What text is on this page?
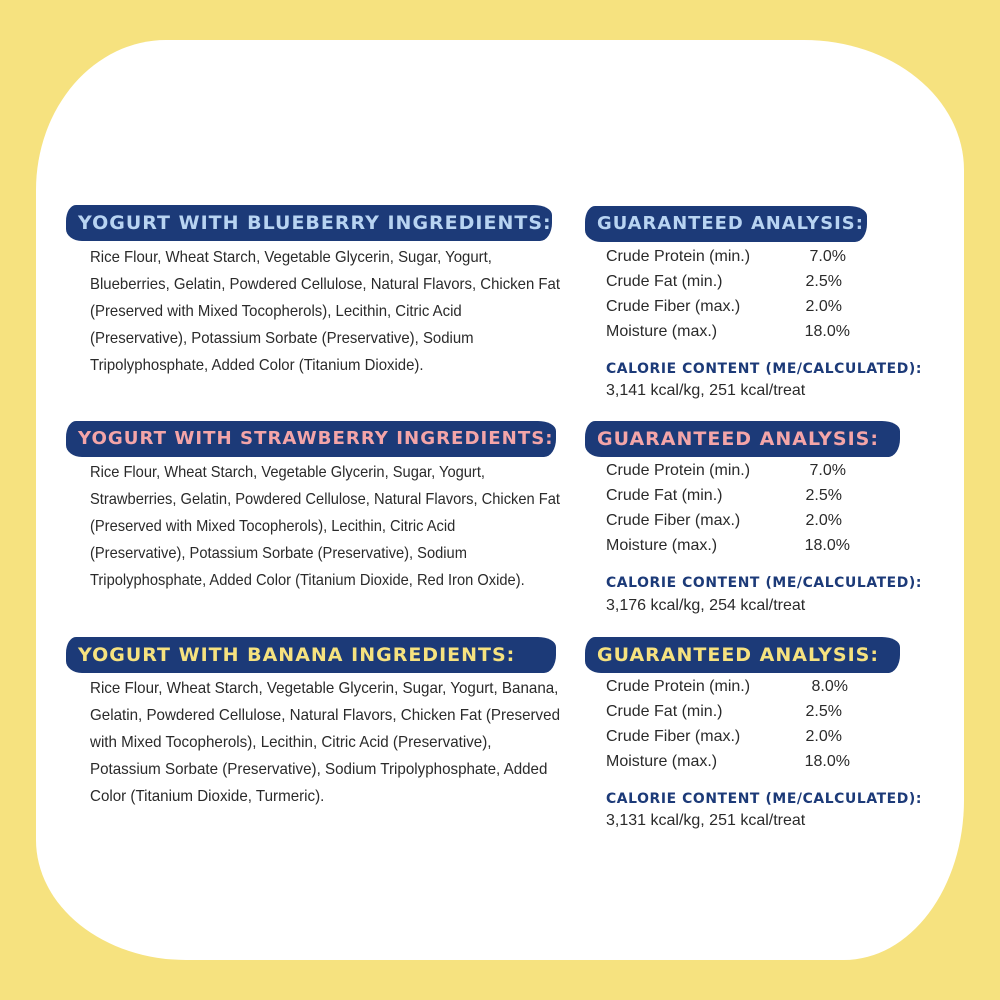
YOGURT WITH BLUEBERRY INGREDIENTS:
Rice Flour, Wheat Starch, Vegetable Glycerin, Sugar, Yogurt,
Blueberries, Gelatin, Powdered Cellulose, Natural Flavors, Chicken Fat
(Preserved with Mixed Tocopherols), Lecithin, Citric Acid
(Preservative), Potassium Sorbate (Preservative), Sodium
Tripolyphosphate, Added Color (Titanium Dioxide).
GUARANTEED ANALYSIS:
Crude Protein (min.)	7.0%
Crude Fat (min.)	2.5%
Crude Fiber (max.)	2.0%
Moisture (max.)	18.0%
CALORIE CONTENT (ME/CALCULATED):
3,141 kcal/kg, 251 kcal/treat
YOGURT WITH STRAWBERRY INGREDIENTS:
Rice Flour, Wheat Starch, Vegetable Glycerin, Sugar, Yogurt,
Strawberries, Gelatin, Powdered Cellulose, Natural Flavors, Chicken Fat
(Preserved with Mixed Tocopherols), Lecithin, Citric Acid
(Preservative), Potassium Sorbate (Preservative), Sodium
Tripolyphosphate, Added Color (Titanium Dioxide, Red Iron Oxide).
GUARANTEED ANALYSIS:
Crude Protein (min.)	7.0%
Crude Fat (min.)	2.5%
Crude Fiber (max.)	2.0%
Moisture (max.)	18.0%
CALORIE CONTENT (ME/CALCULATED):
3,176 kcal/kg, 254 kcal/treat
YOGURT WITH BANANA INGREDIENTS:
Rice Flour, Wheat Starch, Vegetable Glycerin, Sugar, Yogurt, Banana,
Gelatin, Powdered Cellulose, Natural Flavors, Chicken Fat (Preserved
with Mixed Tocopherols), Lecithin, Citric Acid (Preservative),
Potassium Sorbate (Preservative), Sodium Tripolyphosphate, Added
Color (Titanium Dioxide, Turmeric).
GUARANTEED ANALYSIS:
Crude Protein (min.)	8.0%
Crude Fat (min.)	2.5%
Crude Fiber (max.)	2.0%
Moisture (max.)	18.0%
CALORIE CONTENT (ME/CALCULATED):
3,131 kcal/kg, 251 kcal/treat
